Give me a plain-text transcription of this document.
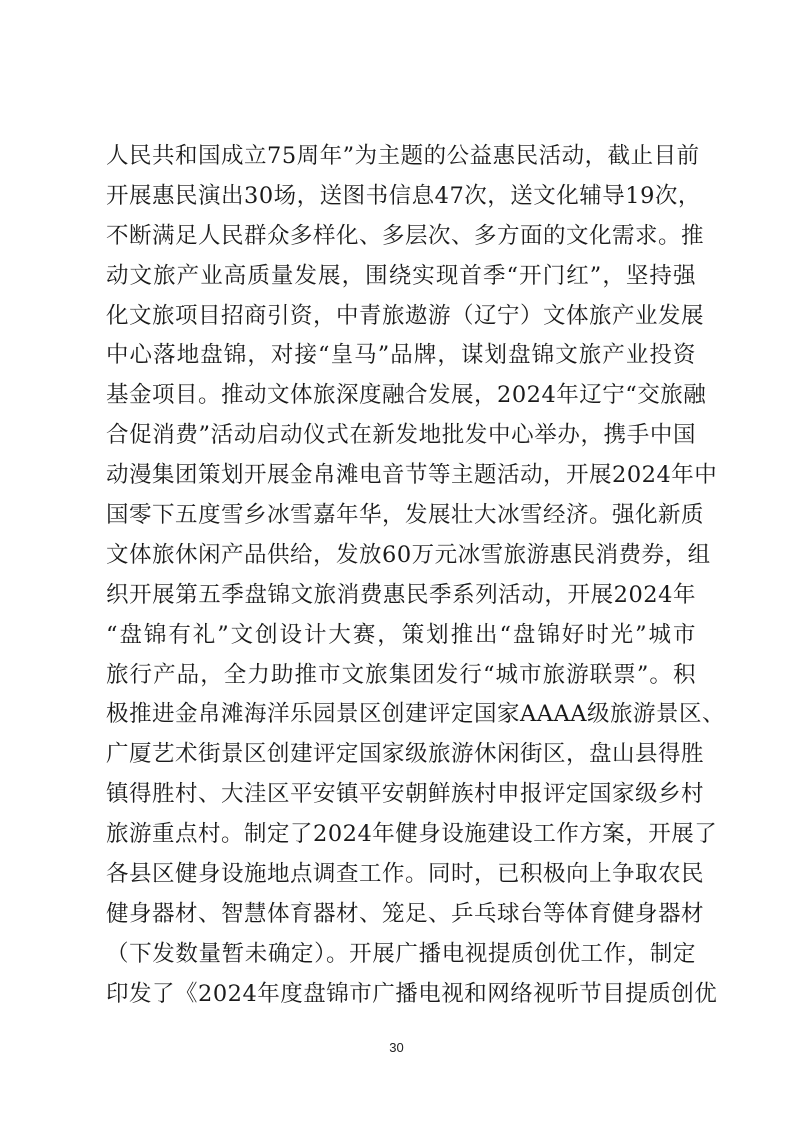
人民共和国成立75周年”为主题的公益惠民活动，截止目前
开展惠民演出30场，送图书信息47次，送文化辅导19次，
不断满足人民群众多样化、多层次、多方面的文化需求。推
动文旅产业高质量发展，围绕实现首季“开门红”，坚持强
化文旅项目招商引资，中青旅遨游（辽宁）文体旅产业发展
中心落地盘锦，对接“皇马”品牌，谋划盘锦文旅产业投资
基金项目。推动文体旅深度融合发展，2024年辽宁“交旅融
合促消费”活动启动仪式在新发地批发中心举办，携手中国
动漫集团策划开展金帛滩电音节等主题活动，开展2024年中
国零下五度雪乡冰雪嘉年华，发展壮大冰雪经济。强化新质
文体旅休闲产品供给，发放60万元冰雪旅游惠民消费券，组
织开展第五季盘锦文旅消费惠民季系列活动，开展2024年
“盘锦有礼”文创设计大赛，策划推出“盘锦好时光”城市
旅行产品，全力助推市文旅集团发行“城市旅游联票”。积
极推进金帛滩海洋乐园景区创建评定国家AAAA级旅游景区、
广厦艺术街景区创建评定国家级旅游休闲街区，盘山县得胜
镇得胜村、大洼区平安镇平安朝鲜族村申报评定国家级乡村
旅游重点村。制定了2024年健身设施建设工作方案，开展了
各县区健身设施地点调查工作。同时，已积极向上争取农民
健身器材、智慧体育器材、笼足、乒乓球台等体育健身器材
（下发数量暂未确定）。开展广播电视提质创优工作，制定
印发了《2024年度盘锦市广播电视和网络视听节目提质创优
30
